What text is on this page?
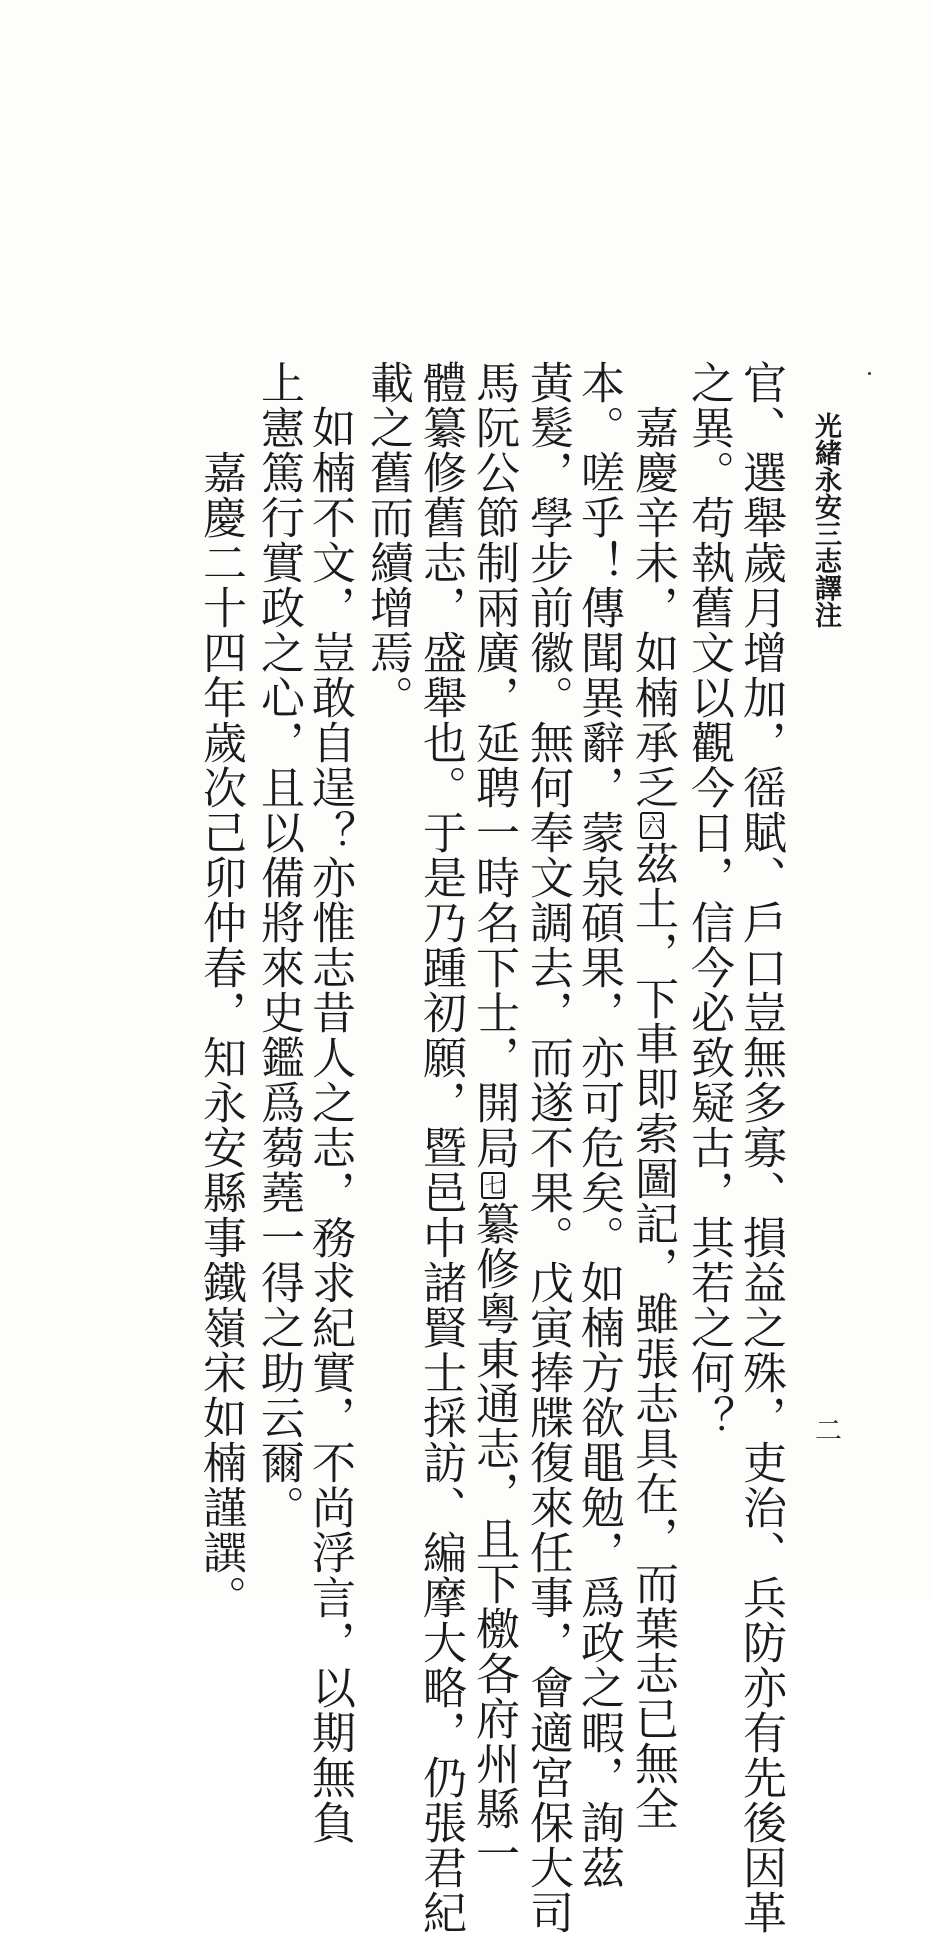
光緒永安三志譯注
二
官、選舉歲月增加，徭賦、戶口豈無多寡、損益之殊，吏治、兵防亦有先後因革
之異。苟執舊文以觀今日，信今必致疑古，其若之何？
　嘉慶辛未，如楠承乏六茲土，下車即索圖記，雖張志具在，而葉志已無全
本。嗟乎！傳聞異辭，蒙泉碩果，亦可危矣。如楠方欲黽勉，爲政之暇，詢茲
黃髮，學步前徽。無何奉文調去，而遂不果。戊寅捧牒復來任事，會適宮保大司
馬阮公節制兩廣，延聘一時名下士，開局七纂修粵東通志，且下檄各府州縣一
體纂修舊志，盛舉也。于是乃踵初願，暨邑中諸賢士採訪、編摩大略，仍張君紀
載之舊而續增焉。
　如楠不文，豈敢自逞？亦惟志昔人之志，務求紀實，不尚浮言，以期無負
上憲篤行實政之心，且以備將來史鑑爲蒭蕘一得之助云爾。
　　嘉慶二十四年歲次己卯仲春，知永安縣事鐵嶺宋如楠謹譔。
